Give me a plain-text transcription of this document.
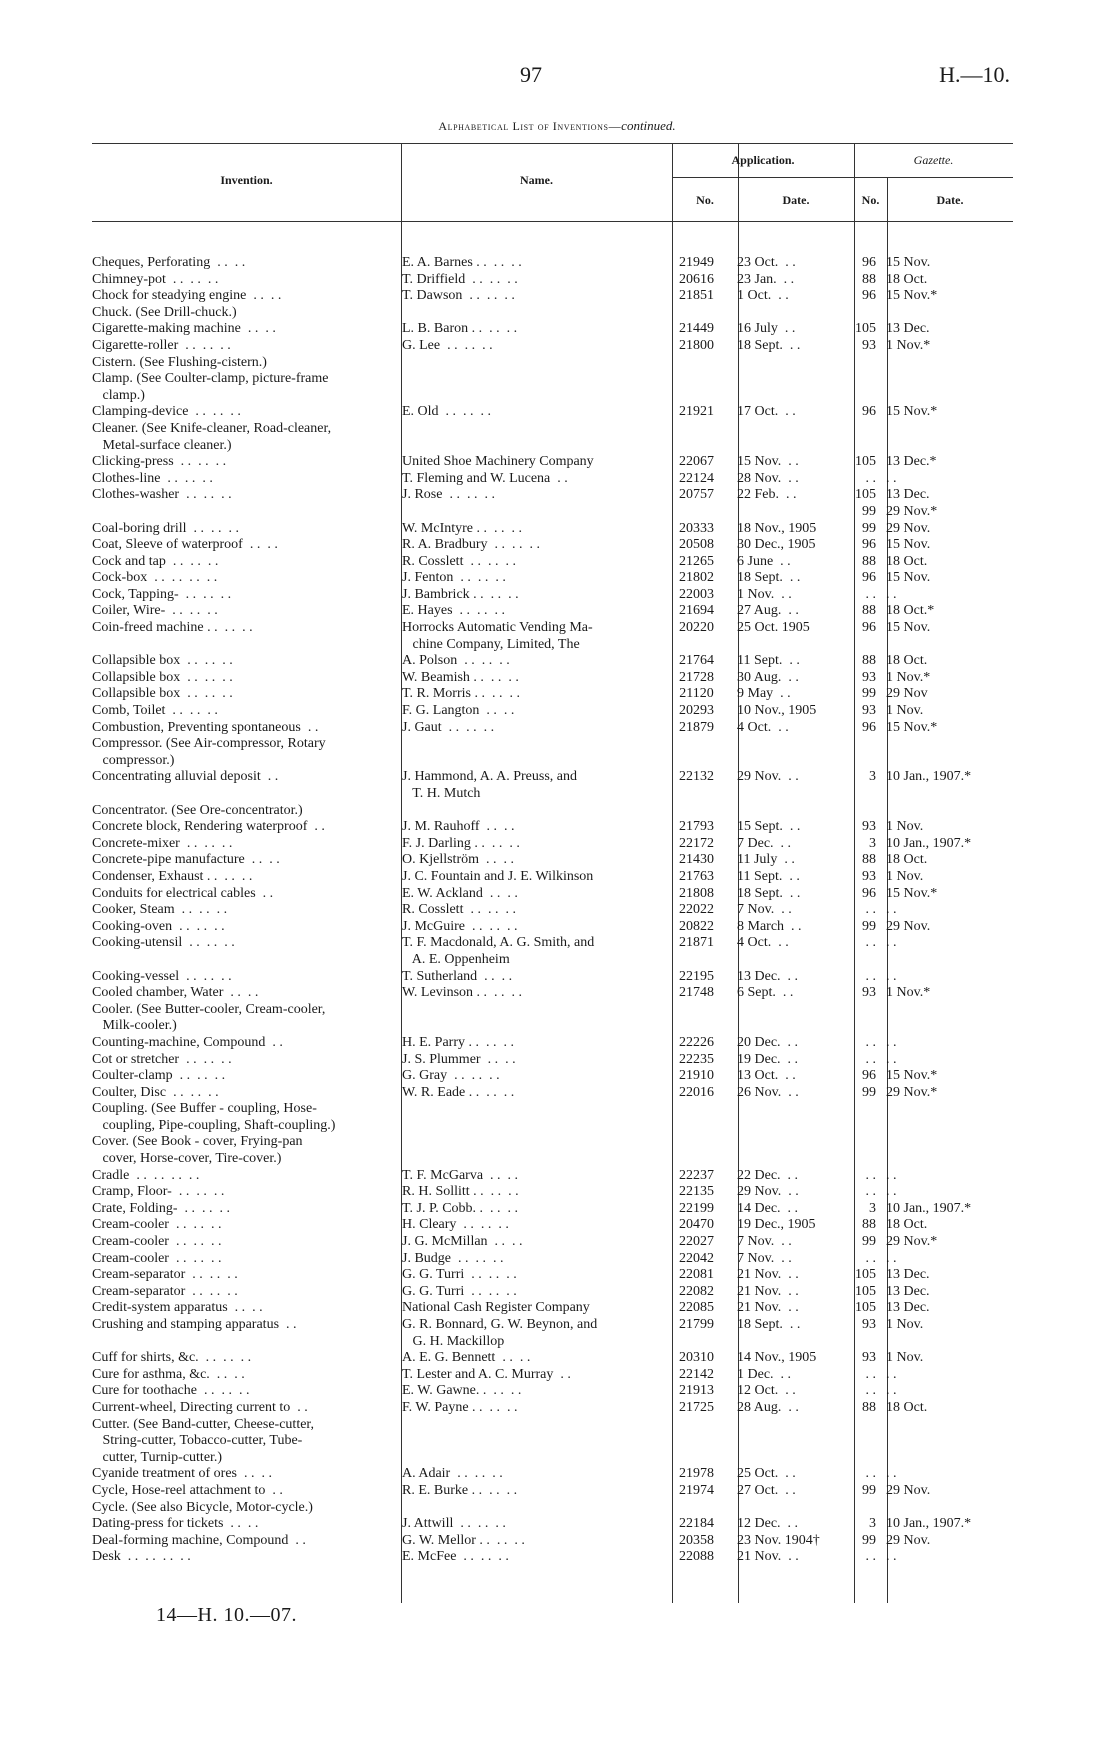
97	H.—10.
Alphabetical List of Inventions—continued.
Invention.	Name.
Application.
No.	Date.
Gazette.
No.	Date.
Cheques, Perforating  . .  . .	E. A. Barnes . .  . .  . .	21949	23 Oct.  . .	96 15 Nov.
Chimney-pot  . .  . .  . .	T. Driffield  . .  . .  . .	20616	23 Jan.  . .	88 18 Oct.
Chock for steadying engine  . .  . .	T. Dawson  . .  . .  . .	21851	1 Oct.  . .	96 15 Nov.*
Chuck. (See Drill-chuck.)
Cigarette-making machine  . .  . .	L. B. Baron . .  . .  . .	21449	16 July  . .	105 13 Dec.
Cigarette-roller  . .  . .  . .	G. Lee  . .  . .  . .	21800	18 Sept.  . .	93 1 Nov.*
Cistern. (See Flushing-cistern.)
Clamp. (See Coulter-clamp, picture-frame
clamp.)
Clamping-device  . .  . .  . .	E. Old  . .  . .  . .	21921	17 Oct.  . .	96 15 Nov.*
Cleaner. (See Knife-cleaner, Road-cleaner,
Metal-surface cleaner.)
Clicking-press  . .  . .  . .	United Shoe Machinery Company	22067	15 Nov.  . .	105 13 Dec.*
Clothes-line  . .  . .  . .	T. Fleming and W. Lucena  . .	22124	28 Nov.  . .	. . . .
Clothes-washer  . .  . .  . .	J. Rose  . .  . .  . .	20757	22 Feb.  . .	105 13 Dec.
99 29 Nov.*
Coal-boring drill  . .  . .  . .	W. McIntyre . .  . .  . .	20333	18 Nov., 1905	99 29 Nov.
Coat, Sleeve of waterproof  . .  . .	R. A. Bradbury  . .  . .  . .	20508	30 Dec., 1905	96 15 Nov.
Cock and tap  . .  . .  . .	R. Cosslett  . .  . .  . .	21265	6 June  . .	88 18 Oct.
Cock-box  . .  . .  . .  . .	J. Fenton  . .  . .  . .	21802	18 Sept.  . .	96 15 Nov.
Cock, Tapping-  . .  . .  . .	J. Bambrick . .  . .  . .	22003	1 Nov.  . .	. . . .
Coiler, Wire-  . .  . .  . .	E. Hayes  . .  . .  . .	21694	27 Aug.  . .	88 18 Oct.*
Coin-freed machine . .  . .  . .	Horrocks Automatic Vending Ma-	20220	25 Oct. 1905	96 15 Nov.
chine Company, Limited, The
Collapsible box  . .  . .  . .	A. Polson  . .  . .  . .	21764	11 Sept.  . .	88 18 Oct.
Collapsible box  . .  . .  . .	W. Beamish . .  . .  . .	21728	30 Aug.  . .	93 1 Nov.*
Collapsible box  . .  . .  . .	T. R. Morris . .  . .  . .	21120	9 May  . .	99 29 Nov
Comb, Toilet  . .  . .  . .	F. G. Langton  . .  . .	20293	10 Nov., 1905	93 1 Nov.
Combustion, Preventing spontaneous  . .	J. Gaut  . .  . .  . .	21879	4 Oct.  . .	96 15 Nov.*
Compressor. (See Air-compressor, Rotary
compressor.)
Concentrating alluvial deposit  . .	J. Hammond, A. A. Preuss, and	22132	29 Nov.  . .	3 10 Jan., 1907.*
T. H. Mutch
Concentrator. (See Ore-concentrator.)
Concrete block, Rendering waterproof  . .	J. M. Rauhoff  . .  . .	21793	15 Sept.  . .	93 1 Nov.
Concrete-mixer  . .  . .  . .	F. J. Darling . .  . .  . .	22172	7 Dec.  . .	3 10 Jan., 1907.*
Concrete-pipe manufacture  . .  . .	O. Kjellström  . .  . .	21430	11 July  . .	88 18 Oct.
Condenser, Exhaust . .  . .  . .	J. C. Fountain and J. E. Wilkinson	21763	11 Sept.  . .	93 1 Nov.
Conduits for electrical cables  . .	E. W. Ackland  . .  . .	21808	18 Sept.  . .	96 15 Nov.*
Cooker, Steam  . .  . .  . .	R. Cosslett  . .  . .  . .	22022	7 Nov.  . .	. . . .
Cooking-oven  . .  . .  . .	J. McGuire  . .  . .  . .	20822	8 March  . .	99 29 Nov.
Cooking-utensil  . .  . .  . .	T. F. Macdonald, A. G. Smith, and	21871	4 Oct.  . .	. . . .
A. E. Oppenheim
Cooking-vessel  . .  . .  . .	T. Sutherland  . .  . .	22195	13 Dec.  . .	. . . .
Cooled chamber, Water  . .  . .	W. Levinson . .  . .  . .	21748	6 Sept.  . .	93 1 Nov.*
Cooler. (See Butter-cooler, Cream-cooler,
Milk-cooler.)
Counting-machine, Compound  . .	H. E. Parry . .  . .  . .	22226	20 Dec.  . .	. . . .
Cot or stretcher  . .  . .  . .	J. S. Plummer  . .  . .	22235	19 Dec.  . .	. . . .
Coulter-clamp  . .  . .  . .	G. Gray  . .  . .  . .	21910	13 Oct.  . .	96 15 Nov.*
Coulter, Disc  . .  . .  . .	W. R. Eade . .  . .  . .	22016	26 Nov.  . .	99 29 Nov.*
Coupling. (See Buffer - coupling, Hose-
coupling, Pipe-coupling, Shaft-coupling.)
Cover. (See Book - cover, Frying-pan
cover, Horse-cover, Tire-cover.)
Cradle  . .  . .  . .  . .	T. F. McGarva  . .  . .	22237	22 Dec.  . .	. . . .
Cramp, Floor-  . .  . .  . .	R. H. Sollitt . .  . .  . .	22135	29 Nov.  . .	. . . .
Crate, Folding-  . .  . .  . .	T. J. P. Cobb. .  . .  . .	22199	14 Dec.  . .	3 10 Jan., 1907.*
Cream-cooler  . .  . .  . .	H. Cleary  . .  . .  . .	20470	19 Dec., 1905	88 18 Oct.
Cream-cooler  . .  . .  . .	J. G. McMillan  . .  . .	22027	7 Nov.  . .	99 29 Nov.*
Cream-cooler  . .  . .  . .	J. Budge  . .  . .  . .	22042	7 Nov.  . .	. . . .
Cream-separator  . .  . .  . .	G. G. Turri  . .  . .  . .	22081	21 Nov.  . .	105 13 Dec.
Cream-separator  . .  . .  . .	G. G. Turri  . .  . .  . .	22082	21 Nov.  . .	105 13 Dec.
Credit-system apparatus  . .  . .	National Cash Register Company	22085	21 Nov.  . .	105 13 Dec.
Crushing and stamping apparatus  . .	G. R. Bonnard, G. W. Beynon, and	21799	18 Sept.  . .	93 1 Nov.
G. H. Mackillop
Cuff for shirts, &c.  . .  . .  . .	A. E. G. Bennett  . .  . .	20310	14 Nov., 1905	93 1 Nov.
Cure for asthma, &c.  . .  . .	T. Lester and A. C. Murray  . .	22142	1 Dec.  . .	. . . .
Cure for toothache  . .  . .  . .	E. W. Gawne. .  . .  . .	21913	12 Oct.  . .	. . . .
Current-wheel, Directing current to  . .	F. W. Payne . .  . .  . .	21725	28 Aug.  . .	88 18 Oct.
Cutter. (See Band-cutter, Cheese-cutter,
String-cutter, Tobacco-cutter, Tube-
cutter, Turnip-cutter.)
Cyanide treatment of ores  . .  . .	A. Adair  . .  . .  . .	21978	25 Oct.  . .	. . . .
Cycle, Hose-reel attachment to  . .	R. E. Burke . .  . .  . .	21974	27 Oct.  . .	99 29 Nov.
Cycle. (See also Bicycle, Motor-cycle.)
Dating-press for tickets  . .  . .	J. Attwill  . .  . .  . .	22184	12 Dec.  . .	3 10 Jan., 1907.*
Deal-forming machine, Compound  . .	G. W. Mellor . .  . .  . .	20358	23 Nov. 1904†	99 29 Nov.
Desk  . .  . .  . .  . .	E. McFee  . .  . .  . .	22088	21 Nov.  . .	. . . .
14—H. 10.—07.
